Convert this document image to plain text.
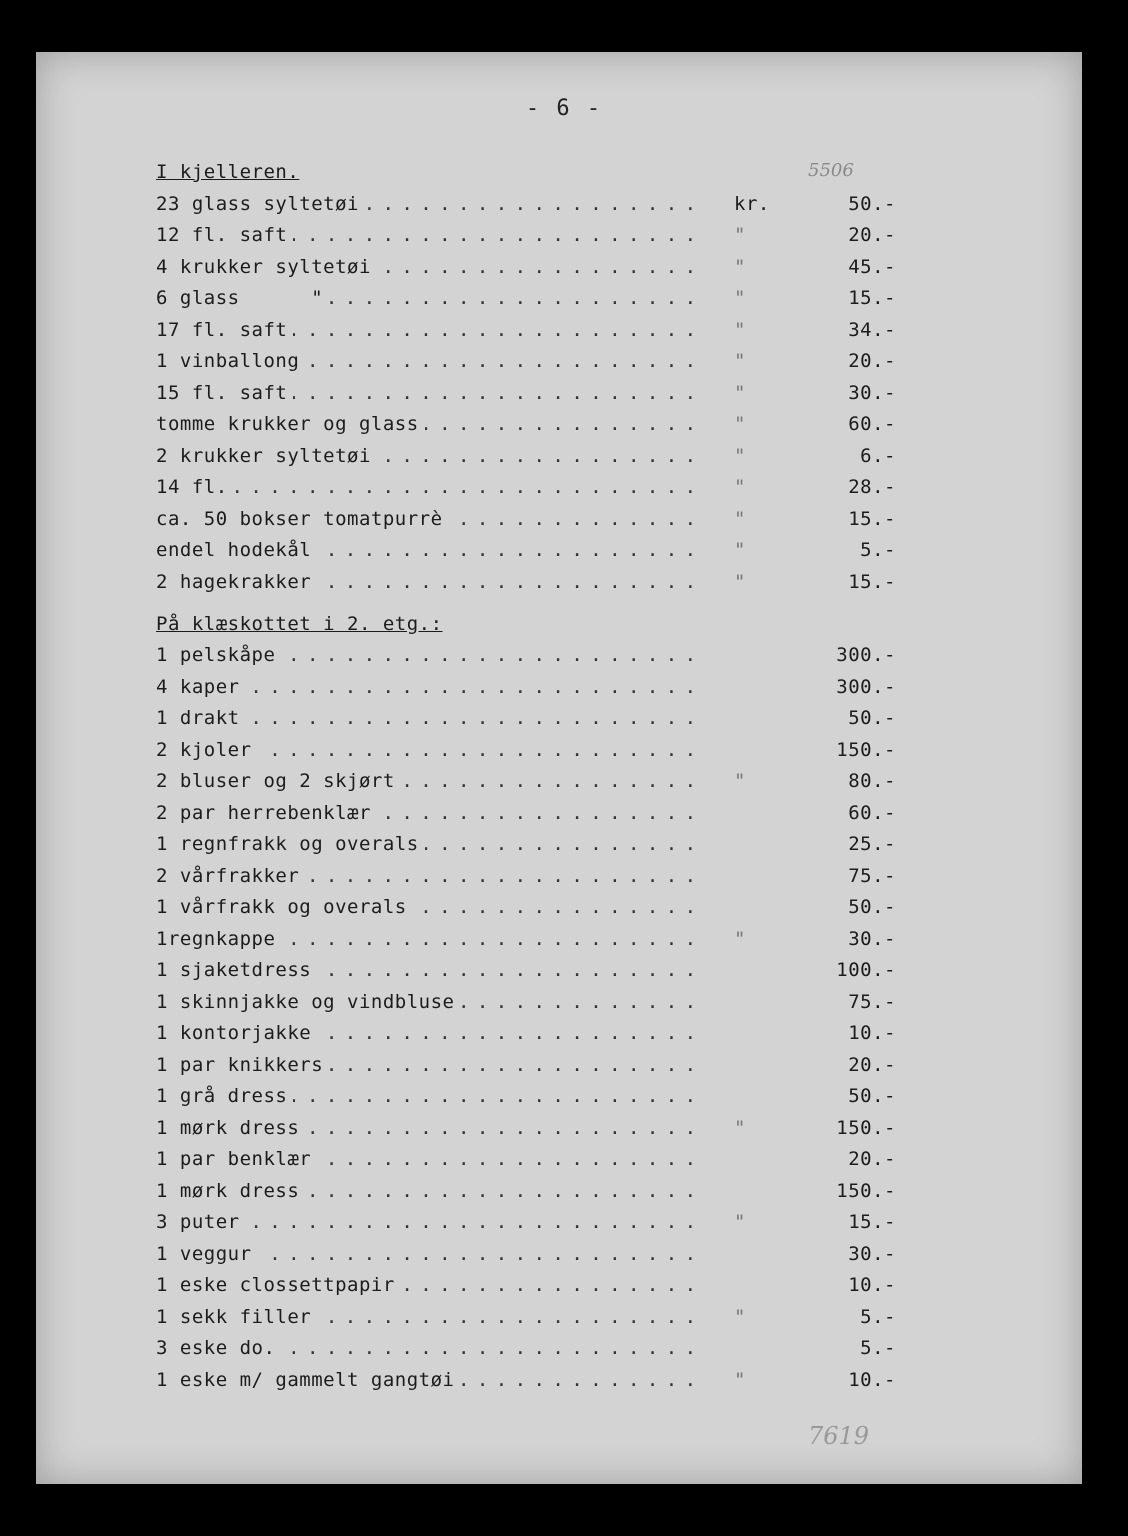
- 6 -
5506
7619
I kjelleren.
. . .
23 glass syltetøi	kr.	50.-
. . .
12 fl. saft	"	20.-
. . .
4 krukker syltetøi	"	45.-
. . .
6 glass      "	"	15.-
. . .
17 fl. saft	"	34.-
. . .
1 vinballong	"	20.-
. . .
15 fl. saft	"	30.-
. . .
tomme krukker og glass	"	60.-
. . .
2 krukker syltetøi	"	6.-
. . .
14 fl.	"	28.-
. . .
ca. 50 bokser tomatpurrè	"	15.-
. . .
endel hodekål	"	5.-
. . .
2 hagekrakker	"	15.-
På klæskottet i 2. etg.:
. . .
1 pelskåpe	300.-
. . .
4 kaper	300.-
. . .
1 drakt	50.-
. . .
2 kjoler	150.-
. . .
2 bluser og 2 skjørt	"	80.-
. . .
2 par herrebenklær	60.-
. . .
1 regnfrakk og overals	25.-
. . .
2 vårfrakker	75.-
. . .
1 vårfrakk og overals	50.-
. . .
1regnkappe	"	30.-
. . .
1 sjaketdress	100.-
. . .
1 skinnjakke og vindbluse	75.-
. . .
1 kontorjakke	10.-
. . .
1 par knikkers	20.-
. . .
1 grå dress	50.-
. . .
1 mørk dress	"	150.-
. . .
1 par benklær	20.-
. . .
1 mørk dress	150.-
. . .
3 puter	"	15.-
. . .
1 veggur	30.-
. . .
1 eske clossettpapir	10.-
. . .
1 sekk filler	"	5.-
. . .
3 eske do.	5.-
. . .
1 eske m/ gammelt gangtøi	"	10.-
